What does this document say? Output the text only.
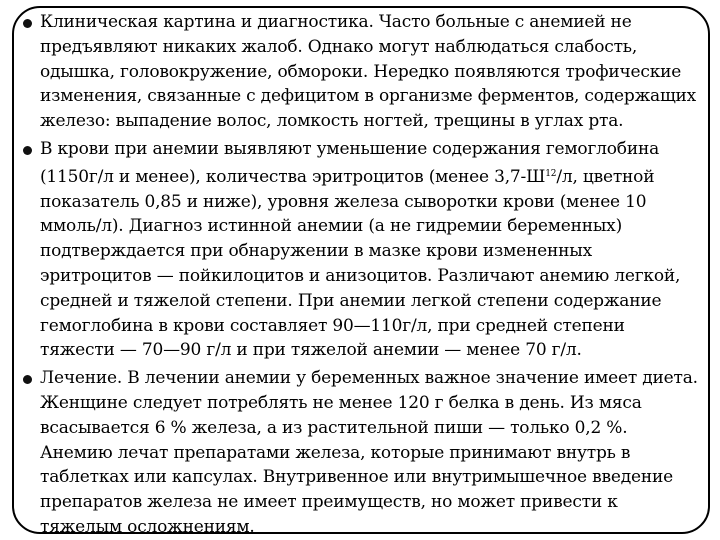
Клиническая картина и диагностика. Часто больные с анемией не предъявляют никаких жалоб. Однако могут наблюдаться слабость, одышка, головокружение, обмороки. Нередко появляются трофические изменения, связанные с дефицитом в организме ферментов, содержащих железо: выпадение волос, ломкость ногтей, трещины в углах рта.

В крови при анемии выявляют уменьшение содержания гемоглобина (1150г/л и менее), количества эритроцитов (менее $3,7-Ш^{12}/л$, цветной показатель 0,85 и ниже), уровня железа сыворотки крови (менее 10 ммоль/л). Диагноз истинной анемии (а не гидремии беременных) подтверждается при обнаружении в мазке крови измененных эритроцитов — пойкилоцитов и анизоцитов. Различают анемию легкой, средней и тяжелой степени. При анемии легкой степени содержание гемоглобина в крови составляет 90—110г/л, при средней степени тяжести — 70—90 г/л и при тяжелой анемии — менее 70 г/л.

Лечение. В лечении анемии у беременных важное значение имеет диета. Женщине следует потреблять не менее 120 г белка в день. Из мяса всасывается 6 % железа, а из растительной пиши — только 0,2 %. Анемию лечат препаратами железа, которые принимают внутрь в таблетках или капсулах. Внутривенное или внутримышечное введение препаратов железа не имеет преимуществ, но может привести к тяжелым осложнениям.
